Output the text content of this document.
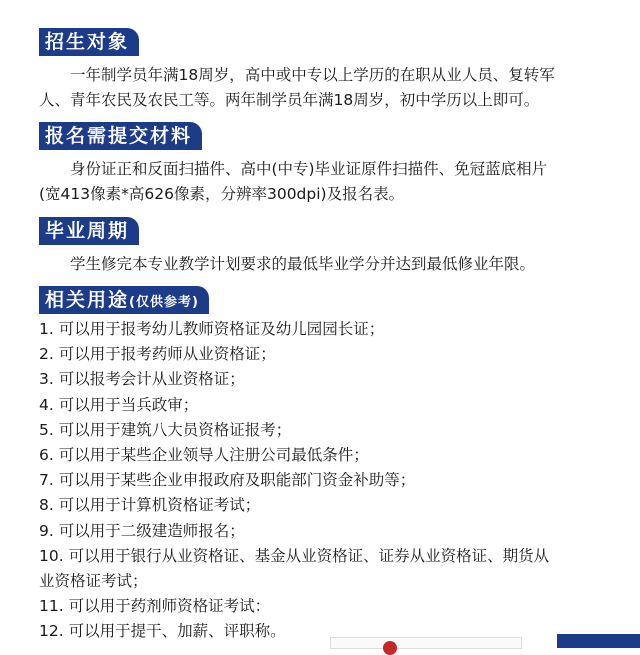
招生对象
　　一年制学员年满18周岁，高中或中专以上学历的在职从业人员、复转军
人、青年农民及农民工等。两年制学员年满18周岁，初中学历以上即可。
报名需提交材料
　　身份证正和反面扫描件、高中(中专)毕业证原件扫描件、免冠蓝底相片
(宽413像素*高626像素，分辨率300dpi)及报名表。
毕业周期
　　学生修完本专业教学计划要求的最低毕业学分并达到最低修业年限。
相关用途(仅供参考)
1. 可以用于报考幼儿教师资格证及幼儿园园长证；
2. 可以用于报考药师从业资格证；
3. 可以报考会计从业资格证；
4. 可以用于当兵政审；
5. 可以用于建筑八大员资格证报考；
6. 可以用于某些企业领导人注册公司最低条件；
7. 可以用于某些企业申报政府及职能部门资金补助等；
8. 可以用于计算机资格证考试；
9. 可以用于二级建造师报名；
10. 可以用于银行从业资格证、基金从业资格证、证券从业资格证、期货从
业资格证考试；
11. 可以用于药剂师资格证考试：
12. 可以用于提干、加薪、评职称。
